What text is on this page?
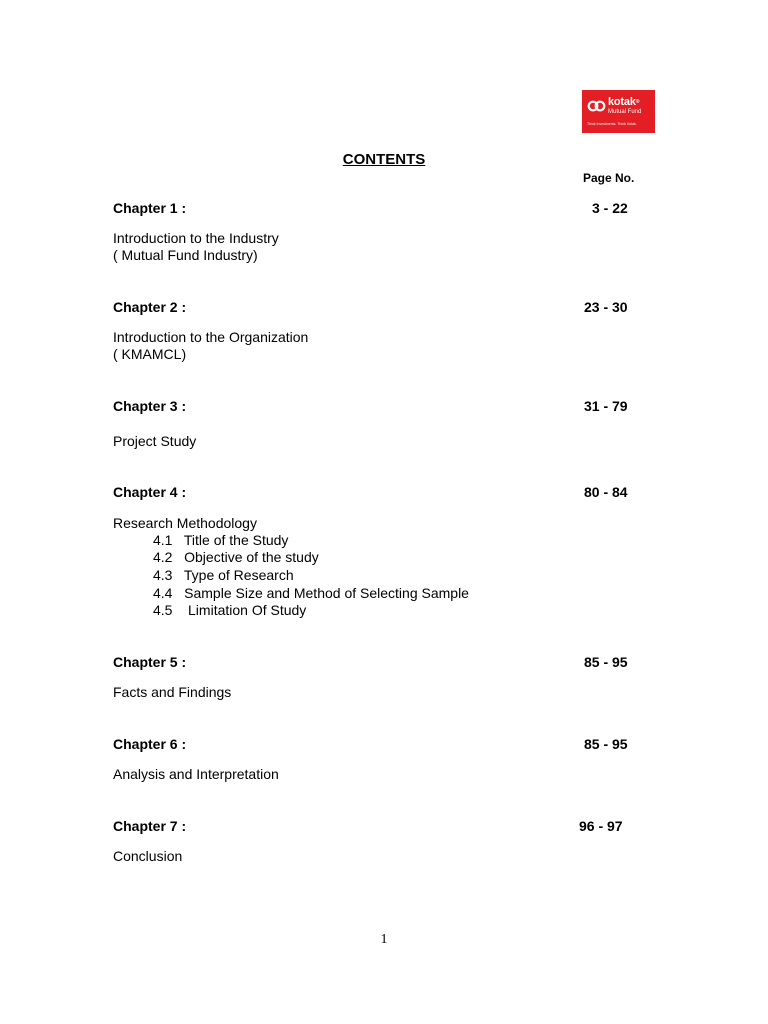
kotak®
Mutual Fund
Think Investments. Think Kotak.
CONTENTS
Page No.
Chapter 1 :	3 - 22
Introduction to the Industry
( Mutual Fund Industry)
Chapter 2 :	23 - 30
Introduction to the Organization
( KMAMCL)
Chapter 3 :	31 - 79
Project Study
Chapter 4 :	80 - 84
Research Methodology
4.1   Title of the Study
4.2   Objective of the study
4.3   Type of Research
4.4   Sample Size and Method of Selecting Sample
4.5    Limitation Of Study
Chapter 5 :	85 - 95
Facts and Findings
Chapter 6 :	85 - 95
Analysis and Interpretation
Chapter 7 :	96 - 97
Conclusion
1
